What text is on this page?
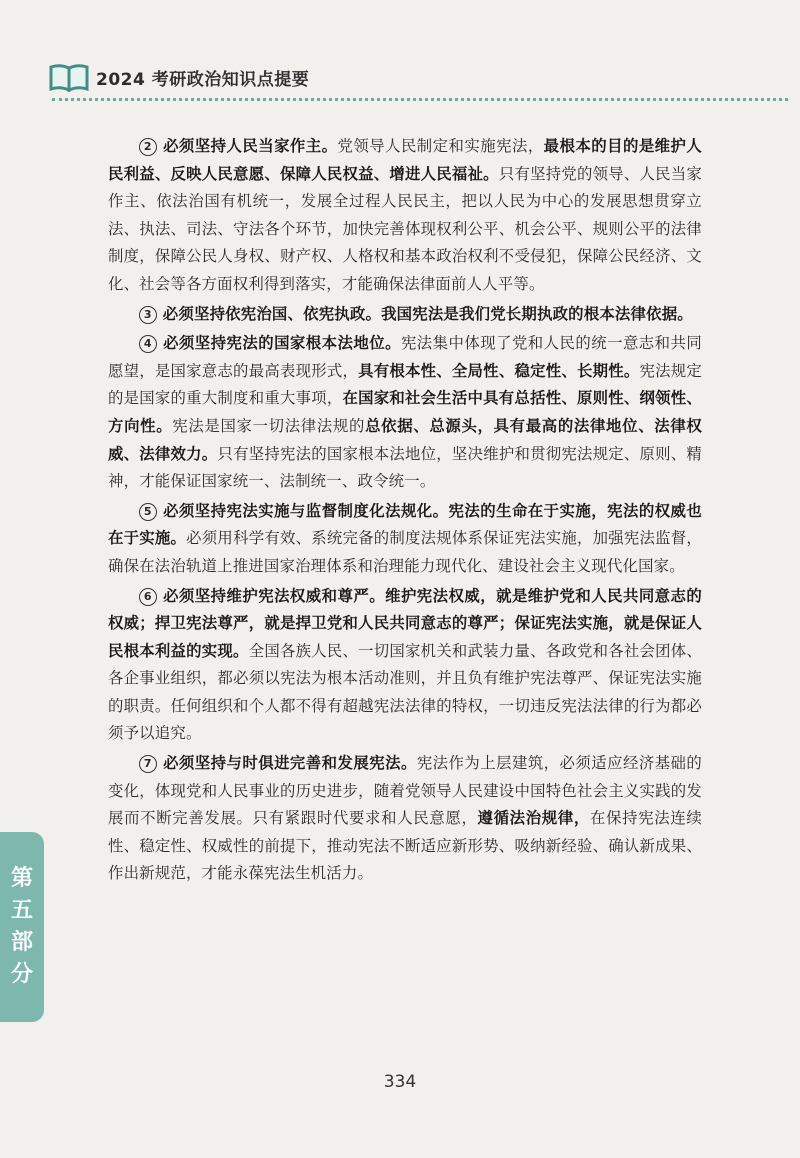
2024 考研政治知识点提要

2 必须坚持人民当家作主。党领导人民制定和实施宪法，最根本的目的是维护人民利益、反映人民意愿、保障人民权益、增进人民福祉。只有坚持党的领导、人民当家作主、依法治国有机统一，发展全过程人民民主，把以人民为中心的发展思想贯穿立法、执法、司法、守法各个环节，加快完善体现权利公平、机会公平、规则公平的法律制度，保障公民人身权、财产权、人格权和基本政治权利不受侵犯，保障公民经济、文化、社会等各方面权利得到落实，才能确保法律面前人人平等。

3 必须坚持依宪治国、依宪执政。我国宪法是我们党长期执政的根本法律依据。

4 必须坚持宪法的国家根本法地位。宪法集中体现了党和人民的统一意志和共同愿望，是国家意志的最高表现形式，具有根本性、全局性、稳定性、长期性。宪法规定的是国家的重大制度和重大事项，在国家和社会生活中具有总括性、原则性、纲领性、方向性。宪法是国家一切法律法规的总依据、总源头，具有最高的法律地位、法律权威、法律效力。只有坚持宪法的国家根本法地位，坚决维护和贯彻宪法规定、原则、精神，才能保证国家统一、法制统一、政令统一。

5 必须坚持宪法实施与监督制度化法规化。宪法的生命在于实施，宪法的权威也在于实施。必须用科学有效、系统完备的制度法规体系保证宪法实施，加强宪法监督，确保在法治轨道上推进国家治理体系和治理能力现代化、建设社会主义现代化国家。

6 必须坚持维护宪法权威和尊严。维护宪法权威，就是维护党和人民共同意志的权威；捍卫宪法尊严，就是捍卫党和人民共同意志的尊严；保证宪法实施，就是保证人民根本利益的实现。全国各族人民、一切国家机关和武装力量、各政党和各社会团体、各企事业组织，都必须以宪法为根本活动准则，并且负有维护宪法尊严、保证宪法实施的职责。任何组织和个人都不得有超越宪法法律的特权，一切违反宪法法律的行为都必须予以追究。

7 必须坚持与时俱进完善和发展宪法。宪法作为上层建筑，必须适应经济基础的变化，体现党和人民事业的历史进步，随着党领导人民建设中国特色社会主义实践的发展而不断完善发展。只有紧跟时代要求和人民意愿，遵循法治规律，在保持宪法连续性、稳定性、权威性的前提下，推动宪法不断适应新形势、吸纳新经验、确认新成果、作出新规范，才能永葆宪法生机活力。

第
五
部
分
334
